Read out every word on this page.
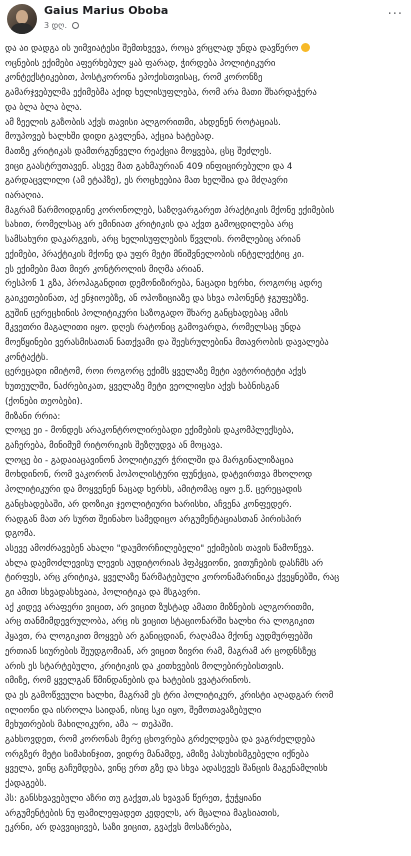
Gaius Marius Oboba
3 დღ.
···

და აი დადგა ის უიმვიატესი შემთხვევა, როცა ვრცლად უნდა დავწერო

ოცნების ექიმები აფერხებულ ყაბ ფარად, ჭირდება პოლიტიკური

კონტექსტიკებით, პოსტკორონა ეპოქისთვისაც, რომ კორონზე

გამარჯვებულმა ექიმებმა აქიდ ხელისუფლება, რომ არა მათი შხარდაჭერა

და ბლა ბლა ბლა.

ამ ზეელის გაზობის აქვს თავისი ალგორითმი, ახდენენ როტაციას.

მოუპოვებ ხალხში დიდი გავლენა, აქცია ხატებად.

მათზე კრიტიკას დამთრგუნველი რეაქცია მოყვება, ცსც შეძლეს.

ვიცი გაასტრუთავენ. ასევე მათ გახმაურიან 409 ინფიცირებული და 4

გარდაცვლილი (ამ ეტაპზე), ეს როცხეებია მათ ხელშია და მძღავრი

იარაღია.

მაგრამ წარმოიდგინე კორონოლებ, საზღვარგარეთ პრაქტიკის მქონე ექიმების

სახით, რომელსაც არ ემინიათ კრიტიკის და აქვთ გამოცდილება არც

სამსახური დაკარგვის, არც ხელისუფლების წვვლის. რომლებიც არიან

ექიმები, პრაქტიკის მქონე და უფრ მეტი მნიშვნელობის ინტელექტიც კი.

ეს ექიმები მათ მიერ კონტროლის მიღმა არიან.

რესპონ 1 გზა, პროპაგანდით დემონიზირება, ნაცადი ხერხი, როგორც ადრე

გაიკეთებინათ, აქ ენჯიოებზე, ან ოპოზიციაზე და სხვა ოპონენტ ჯგუფებზე.

გუშინ ცერეცხინის პოლიტიკური საზოგადო შხარე განცხადებაც ამის

მკვეთრი მაგალითი იყო. დღეს რატონიც გამოვარდა, რომელსაც უნდა

მოეწყინები ვერასმისათან ნათქვამი და შეესრულებინა მთავრობის დავალება

კონტაქტს.

ცერეცადი იმიტომ, როი როგორც ექიმს ყველაზე მეტი ავტორიტეტი აქვს

ხუთეულში, ნაძრებიკათ, ყველაზე მეტი ვეოლიფსი აქვს ხაბნისგან

(ქონები თეობები).

მიზანი რრია:

ლოცე ეი - მონდეს არაკონტროლირებადი ექიმების დაკომპლექსება,

გაჩერება, მინიმუმ რიტორიკის შეზღუდვა ან მოცავა.

ლოცე ბი - გადაიაცავინონ პოლიტიკურ ჭრილში და მარგინალიზაცია

მოხდინონ, რომ ვაკორონ პოპოლისტური ფუნქცია, დატვირთვა მხოლოდ

პოლიტიკური და მოყვენენ ნაცად ხერხს, ამიტომაც იყო ე.წ. ცერეცადის

განცხადებაში, არ დოზიკი ჯეოლიტიური ხარისხი, აჩვენა კონფედერ.

რადგან მათ არ სურთ შეინახო სამედიცო არგუმენტაციასთან პირისპირ

დგომა.

ასევე ამოძრავებენ ახალი "დაუმორჩილებელი" ექიმების თავის წამოწევა.

ახლა დაემოძლევისუ ლევის აუდიტორიას ჰფპყვიონი, ვითუჩების დასჩმს არ

ტირფეს, არც კრიტიკა, ყველაზე წარმატებული კორონამარინიკა ქვეყნებში, რაც

გი ამით სხვადასხვაია, პოლიტიკა და მსგავრი.

აქ კიდევ არაფერი ვიცით, არ ვიცით ზუსტად ამათი მიზნების ალგორითმი,

არც თანმიმდევრულობა, არც ის ვიცით სტაციონარში ხალხი რა ლოგიკით

ჰყავთ, რა ლოგიკით მოყვებ არ განიცდიან, რაღამაა მქონე აუდმურფებში

ერთიან სიურების შეუდგომიან, არ ვიცით ზივრი რამ, მაგრამ არ ცოდნსზეც

არის ეს სტარტებული, კრიტიკის და კითხვების მოლებირებისთვის.

იმიზე, რომ ყველგან წმინდანების და ხატების ვვატარინოს.

და ეს გამოწვეული ხალხი, მაგრამ ეს ტრი პოლიტიკურ, კრისტი აღადგარ რომ

ილიონი და ისროლა საიდან, ისიც სკი იყო, შემოთავაზებული

მეხუთრების მახილიკური, ამა ~ თეჰაში.

გახსოვდეთ, რომ კორონას მერე ცხოვრება გრძელდება და ვაგრძელდება

ორგზერ მეტი სიმახინჯით, ვიდრე მანამდე, ამიზე პასუხისმგებელი იქნება

ყველა, ვინც გაჩუმდება, ვინც ერთ გზე და სხვა ადასევეს შანცის მაგენამლისხ

ქადაგებს.

პს: განსხვავებული აზრი თუ გაქვთ,ას ხვავან წერეთ, ჭუჭყიანი

არგუმენტების ნუ ფამილეფადეთ კედელს, არ მცალია მაგსიათის,

ეკრნი, არ დავვიცივებ, საზი ვიცით, გვაქვს მოსაზრება,
